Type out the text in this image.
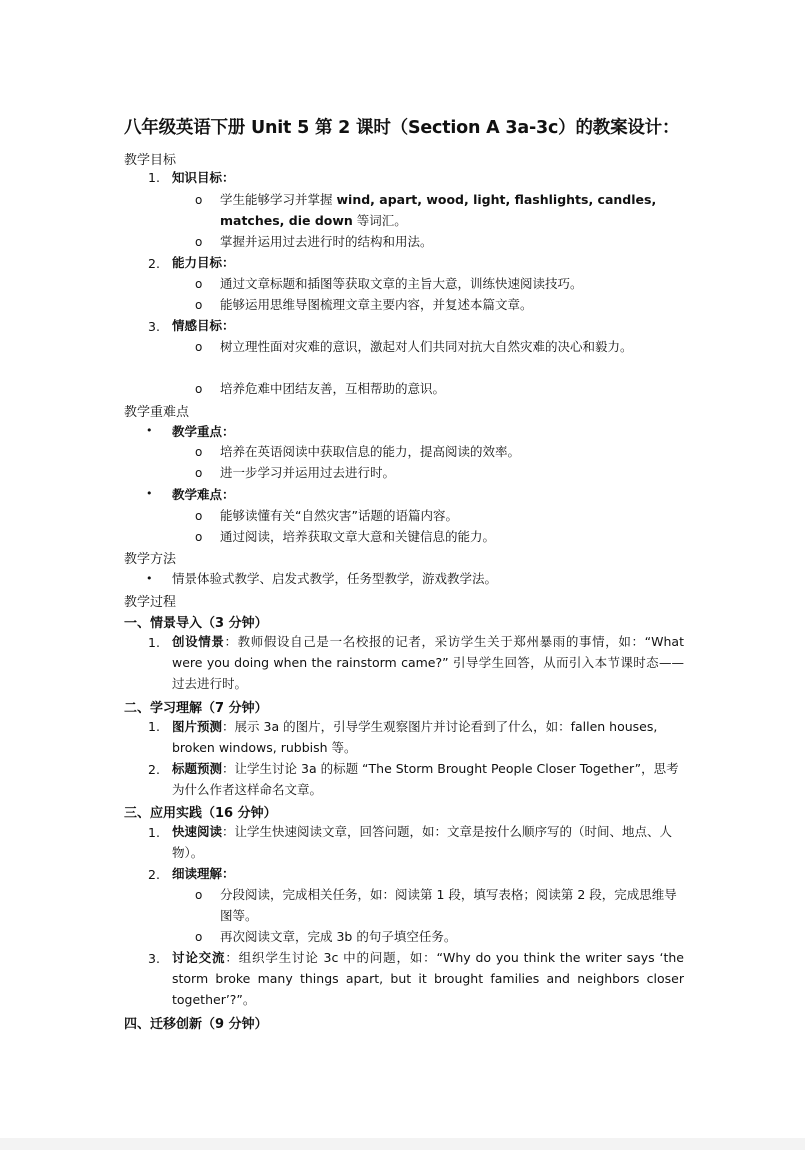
八年级英语下册 Unit 5 第 2 课时（Section A 3a-3c）的教案设计：
教学目标
1. 知识目标：
o 学生能够学习并掌握 wind, apart, wood, light, flashlights, candles, matches, die down 等词汇。
o 掌握并运用过去进行时的结构和用法。
2. 能力目标：
o 通过文章标题和插图等获取文章的主旨大意，训练快速阅读技巧。
o 能够运用思维导图梳理文章主要内容，并复述本篇文章。
3. 情感目标：
o 树立理性面对灾难的意识，激起对人们共同对抗大自然灾难的决心和毅力。
o 培养危难中团结友善，互相帮助的意识。
教学重难点
• 教学重点：
o 培养在英语阅读中获取信息的能力，提高阅读的效率。
o 进一步学习并运用过去进行时。
• 教学难点：
o 能够读懂有关“自然灾害”话题的语篇内容。
o 通过阅读，培养获取文章大意和关键信息的能力。
教学方法
• 情景体验式教学、启发式教学，任务型教学，游戏教学法。
教学过程
一、情景导入（3 分钟）
1. 创设情景：教师假设自己是一名校报的记者，采访学生关于郑州暴雨的事情，如：“What were you doing when the rainstorm came?” 引导学生回答，从而引入本节课时态——过去进行时。
二、学习理解（7 分钟）
1. 图片预测：展示 3a 的图片，引导学生观察图片并讨论看到了什么，如：fallen houses, broken windows, rubbish 等。
2. 标题预测：让学生讨论 3a 的标题 “The Storm Brought People Closer Together”，思考为什么作者这样命名文章。
三、应用实践（16 分钟）
1. 快速阅读：让学生快速阅读文章，回答问题，如：文章是按什么顺序写的（时间、地点、人物）。
2. 细读理解：
o 分段阅读，完成相关任务，如：阅读第 1 段，填写表格；阅读第 2 段，完成思维导图等。
o 再次阅读文章，完成 3b 的句子填空任务。
3. 讨论交流：组织学生讨论 3c 中的问题，如：“Why do you think the writer says ‘the storm broke many things apart, but it brought families and neighbors closer together’?”。
四、迁移创新（9 分钟）
